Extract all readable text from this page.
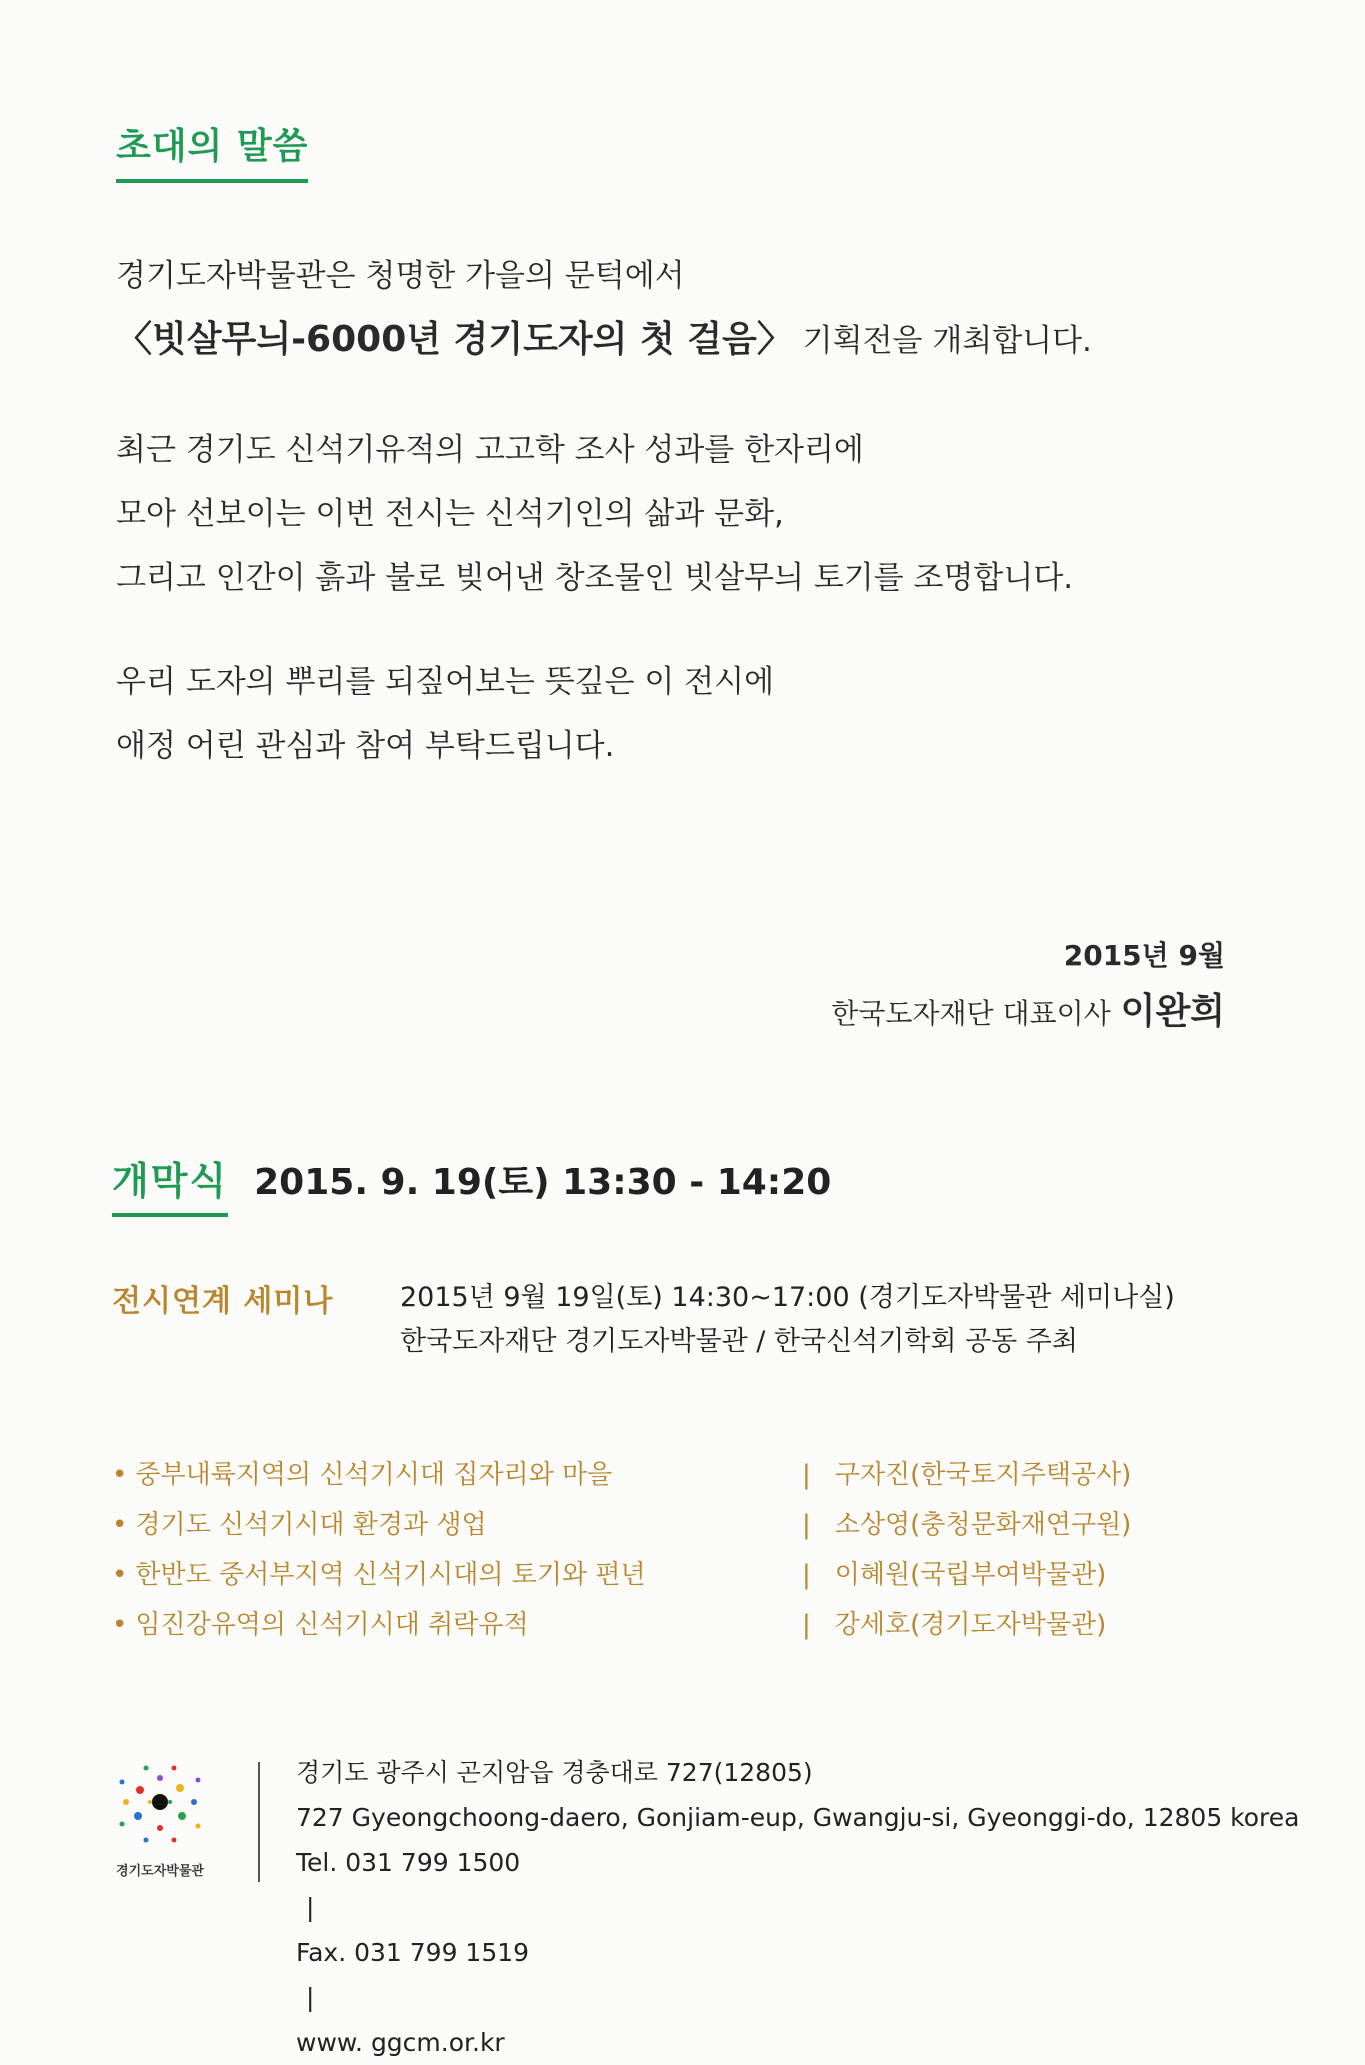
초대의 말씀

경기도자박물관은 청명한 가을의 문턱에서
〈빗살무늬-6000년 경기도자의 첫 걸음〉 기획전을 개최합니다.

최근 경기도 신석기유적의 고고학 조사 성과를 한자리에
모아 선보이는 이번 전시는 신석기인의 삶과 문화,
그리고 인간이 흙과 불로 빚어낸 창조물인 빗살무늬 토기를 조명합니다.

우리 도자의 뿌리를 되짚어보는 뜻깊은 이 전시에
애정 어린 관심과 참여 부탁드립니다.

2015년 9월
한국도자재단 대표이사 이완희
개막식 2015. 9. 19(토) 13:30 - 14:20
전시연계 세미나 2015년 9월 19일(토) 14:30~17:00 (경기도자박물관 세미나실)
한국도자재단 경기도자박물관 / 한국신석기학회 공동 주최
• 중부내륙지역의 신석기시대 집자리와 마을	| 구자진(한국토지주택공사)
• 경기도 신석기시대 환경과 생업	| 소상영(충청문화재연구원)
• 한반도 중서부지역 신석기시대의 토기와 편년	| 이혜원(국립부여박물관)
• 임진강유역의 신석기시대 취락유적	| 강세호(경기도자박물관)
경기도자박물관
경기도 광주시 곤지암읍 경충대로 727(12805)
727 Gyeongchoong-daero, Gonjiam-eup, Gwangju-si, Gyeonggi-do, 12805 korea
Tel. 031 799 1500
|
Fax. 031 799 1519
|
www. ggcm.or.kr
